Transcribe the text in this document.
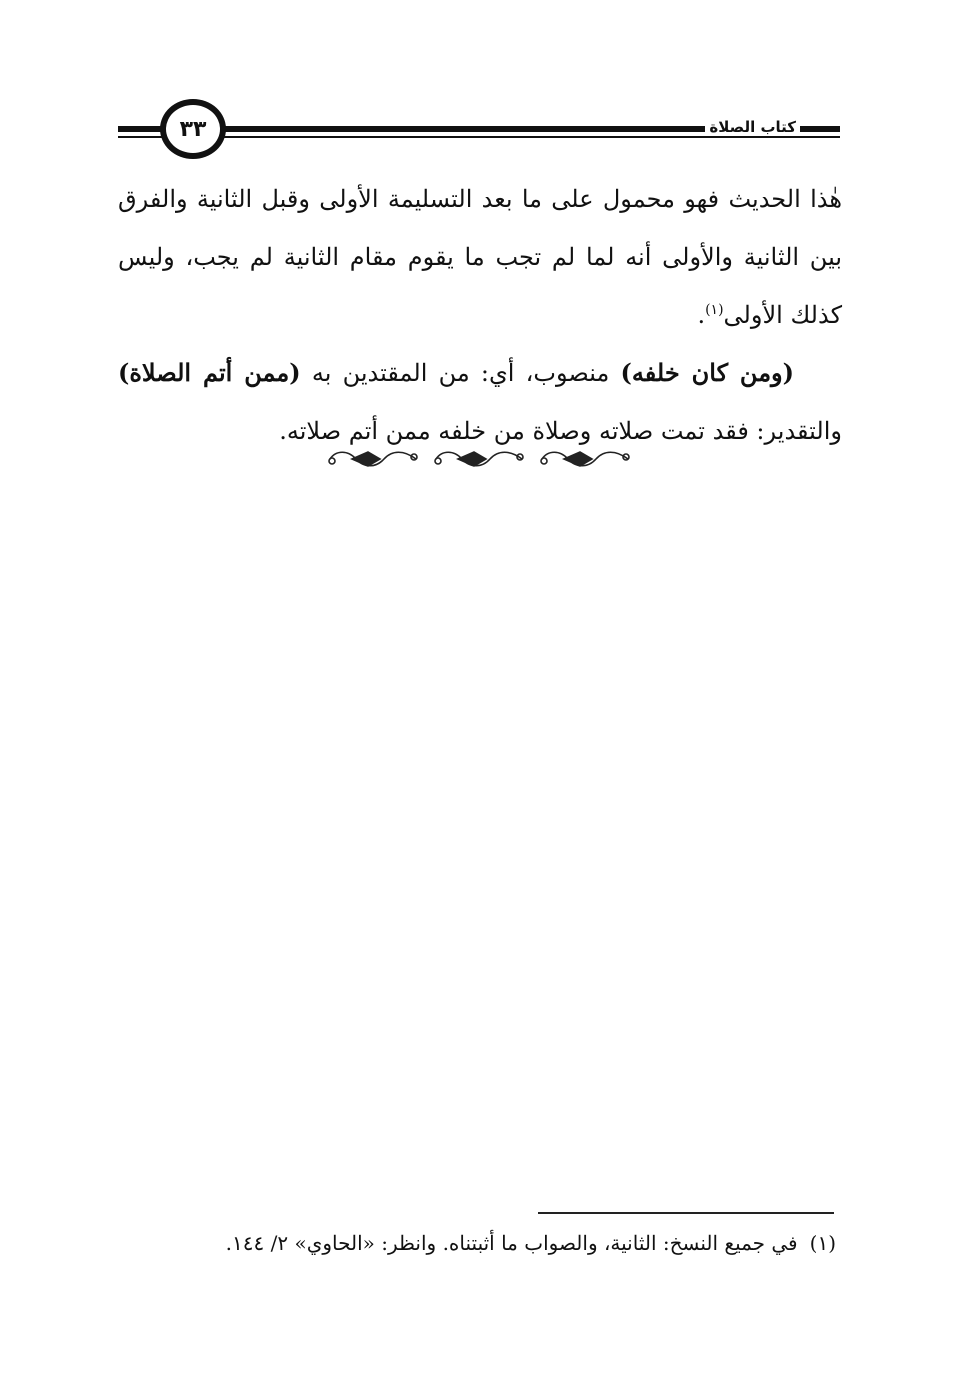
٣٣	كتاب الصلاة

هٰذا الحديث فهو محمول على ما بعد التسليمة الأولى وقبل الثانية والفرق بين الثانية والأولى أنه لما لم تجب ما يقوم مقام الثانية لم يجب، وليس كذلك الأولى$^{(١)}$.

(ومن كان خلفه) منصوب، أي: من المقتدين به (ممن أتم الصلاة) والتقدير: فقد تمت صلاته وصلاة من خلفه ممن أتم صلاته.

(١)في جميع النسخ: الثانية، والصواب ما أثبتناه. وانظر: «الحاوي» ٢/ ١٤٤.
